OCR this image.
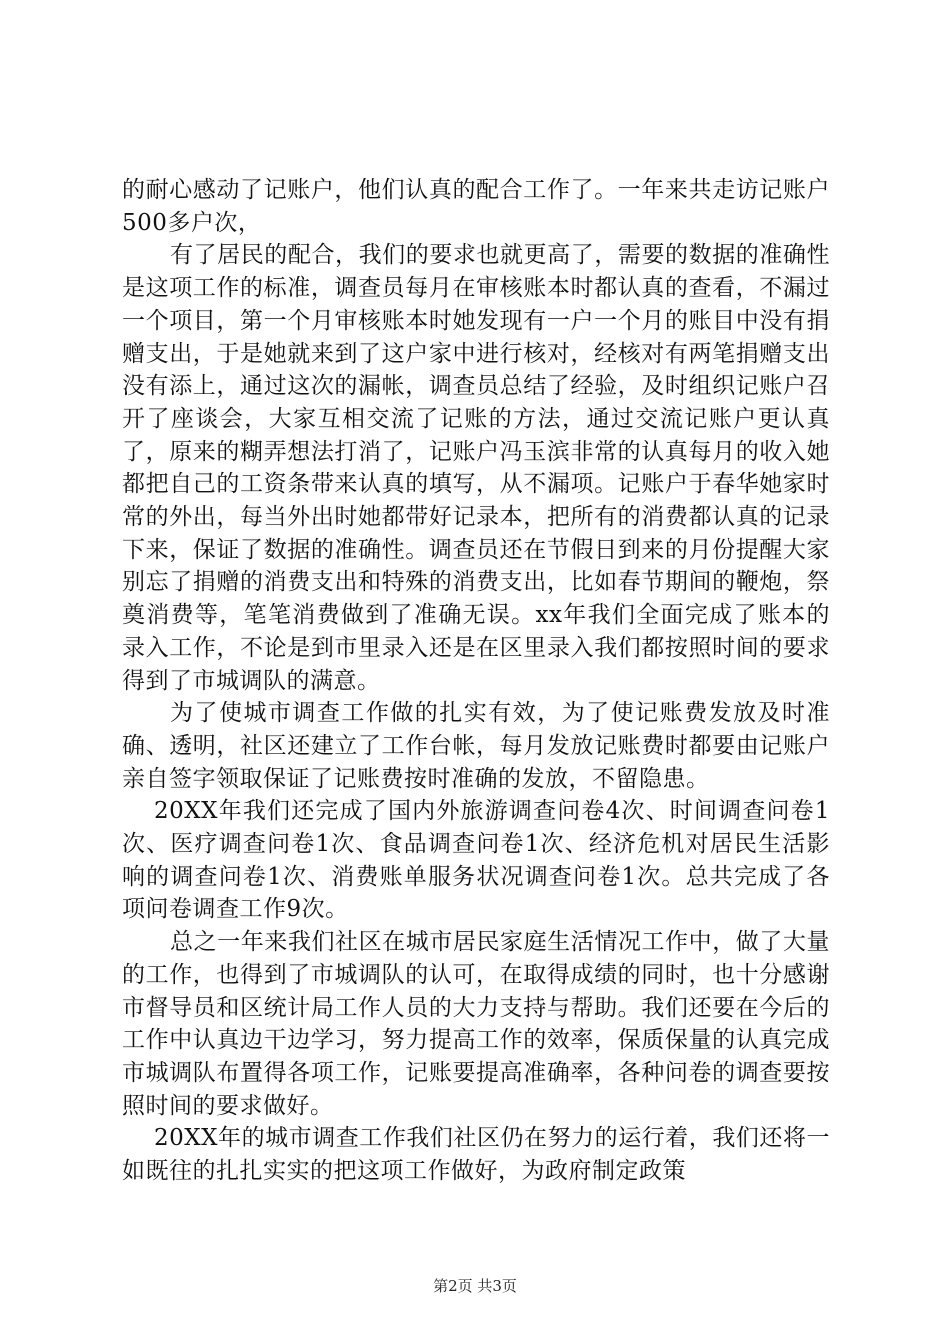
的耐心感动了记账户，他们认真的配合工作了。一年来共走访记账户500多户次，

有了居民的配合，我们的要求也就更高了，需要的数据的准确性是这项工作的标准，调查员每月在审核账本时都认真的查看，不漏过一个项目，第一个月审核账本时她发现有一户一个月的账目中没有捐赠支出，于是她就来到了这户家中进行核对，经核对有两笔捐赠支出没有添上，通过这次的漏帐，调查员总结了经验，及时组织记账户召开了座谈会，大家互相交流了记账的方法，通过交流记账户更认真了，原来的糊弄想法打消了，记账户冯玉滨非常的认真每月的收入她都把自己的工资条带来认真的填写，从不漏项。记账户于春华她家时常的外出，每当外出时她都带好记录本，把所有的消费都认真的记录下来，保证了数据的准确性。调查员还在节假日到来的月份提醒大家别忘了捐赠的消费支出和特殊的消费支出，比如春节期间的鞭炮，祭奠消费等，笔笔消费做到了准确无误。xx年我们全面完成了账本的录入工作，不论是到市里录入还是在区里录入我们都按照时间的要求得到了市城调队的满意。

为了使城市调查工作做的扎实有效，为了使记账费发放及时准确、透明，社区还建立了工作台帐，每月发放记账费时都要由记账户亲自签字领取保证了记账费按时准确的发放，不留隐患。

20XX年我们还完成了国内外旅游调查问卷4次、时间调查问卷1次、医疗调查问卷1次、食品调查问卷1次、经济危机对居民生活影响的调查问卷1次、消费账单服务状况调查问卷1次。总共完成了各项问卷调查工作9次。

总之一年来我们社区在城市居民家庭生活情况工作中，做了大量的工作，也得到了市城调队的认可，在取得成绩的同时，也十分感谢市督导员和区统计局工作人员的大力支持与帮助。我们还要在今后的工作中认真边干边学习，努力提高工作的效率，保质保量的认真完成市城调队布置得各项工作，记账要提高准确率，各种问卷的调查要按照时间的要求做好。

20XX年的城市调查工作我们社区仍在努力的运行着，我们还将一如既往的扎扎实实的把这项工作做好，为政府制定政策

第2页 共3页
